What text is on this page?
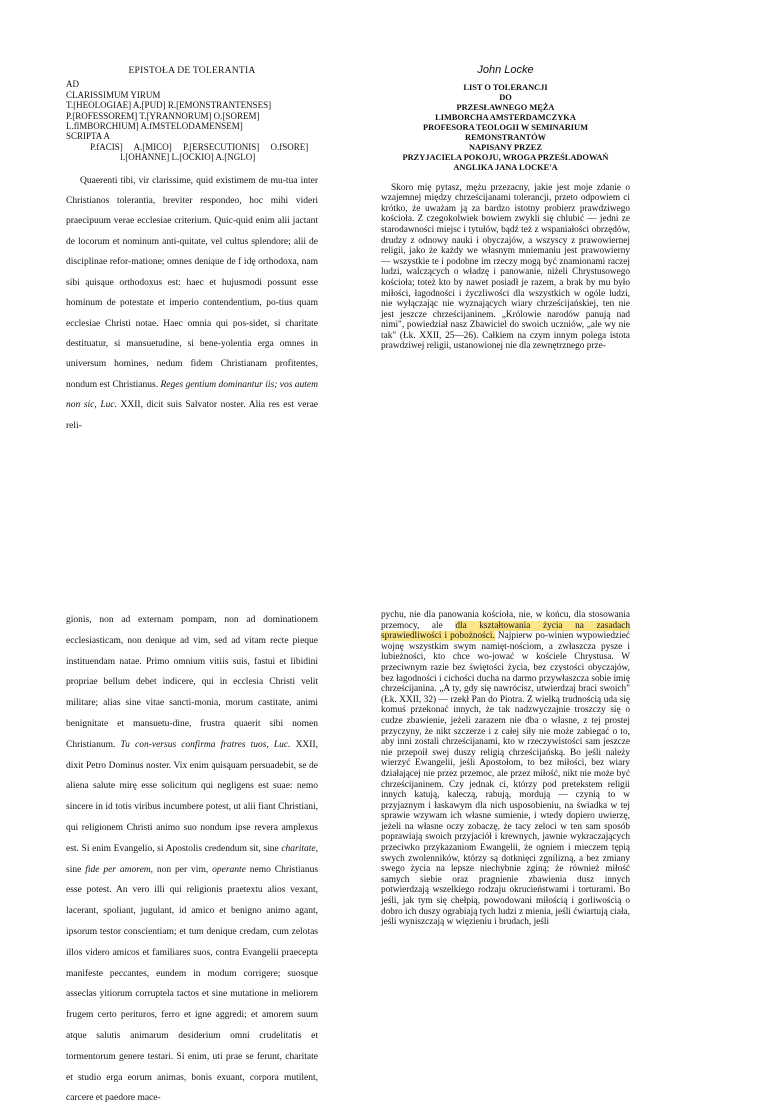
EPISTOŁA DE TOLERANTIA
AD
CLARISSIMUM YIRUM
T.[HEOLOGIAE] A.[PUD] R.[EMONSTRANTENSES]
P.[ROFESSOREM] T.[YRANNORUM] O.[SOREM]
L.flMBORCHIUM] A.fMSTELODAMENSEM]
SCRIPTA A
P.fACIS]     A.[MICO]     P.[ERSECUTIONIS]     O.fSORE]
I.[OHANNE] L.[OCKIO] A.[NGLO]

Quaerenti tibi, vir clarissime, quid existimem de mu-tua inter Christianos tolerantia, breviter respondeo, hoc mihi videri praecipuum verae ecclesiae criterium. Quic-quid enim alii jactant de locorum et nominum anti-quitate, vel cultus splendore; alii de disciplinae refor-matione; omnes deniąue de f idę orthodoxa, nam sibi ąuisąue orthodoxus est: haec et hujusmodi possunt esse hominum de potestate et imperio contendentium, po-tius quam ecclesiae Christi notae. Haec omnia qui pos-sidet, si charitate destituatur, si mansuetudine, si bene-yolentia erga omnes in universum homines, nedum fidem Christianam profitentes, nondum est Christianus. Reges gentium dominantur iis; vos autem non sic, Luc. XXII, dicit suis Salvator noster. Alia res est verae reli-

John Locke
LIST O TOLERANCJI
DO
PRZESŁAWNEGO MĘŻA
LIMBORCHA AMSTERDAMCZYKA
PROFESORA TEOLOGII W SEMINARIUM
REMONSTRANTÓW
NAPISANY PRZEZ
PRZYJACIELA POKOJU, WROGA PRZEŚLADOWAŃ
ANGLIKA JANA LOCKE'A

Skoro mię pytasz, mężu przezacny, jakie jest moje zdanie o wzajemnej między chrześcijanami tolerancji, przeto odpowiem ci krótko, że uważam ją za bardzo istotny probierz prawdziwego kościoła. Z czegokolwiek bowiem zwykli się chlubić — jedni ze starodawności miejsc i tytułów, bądź też z wspaniałości obrzędów, drudzy z odnowy nauki i obyczajów, a wszyscy z prawowiernej religii, jako że każdy we własnym mniemaniu jest prawowierny — wszystkie te i podobne im rzeczy mogą być znamionami raczej ludzi, walczących o władzę i panowanie, niżeli Chrystusowego kościoła; toteż kto by nawet posiadł je razem, a brak by mu było miłości, łagodności i życzliwości dla wszystkich w ogóle ludzi, nie wyłączając nie wyznających wiary chrześcijańskiej, ten nie jest jeszcze chrześcijaninem. „Królowie narodów panują nad nimi", powiedział nasz Zbawiciel do swoich uczniów, „ale wy nie tak" (Łk. XXII, 25—26). Całkiem na czym innym polega istota prawdziwej religii, ustanowionej nie dla zewnętrznego prze-

gionis, non ad externam pompam, non ad dominationem ecclesiasticam, non denique ad vim, sed ad vitam recte pieque instituendam natae. Primo omnium vitiis suis, fastui et libidini propriae bellum debet indicere, qui in ecclesia Christi velit militare; alias sine vitae sancti-monia, morum castitate, animi benignitate et mansuetu-dine, frustra quaerit sibi nomen Christianum. Tu con-versus confirma fratres tuos, Luc. XXII, dixit Petro Dominus noster. Vix enim ąuisąuam persuadebit, se de aliena salute mirę esse solicitum qui negligens est suae: nemo sincere in id totis viribus incumbere potest, ut alii fiant Christiani, qui religionem Christi animo suo nondum ipse revera amplexus est. Si enim Evangelio, si Apostolis credendum sit, sine charitate, sine fide per amorem, non per vim, operante nemo Christianus esse potest. An vero illi qui religionis praetextu alios vexant, lacerant, spoliant, jugulant, id amico et benigno animo agant, ipsorum testor conscientiam; et tum denique credam, cum zelotas illos videro amicos et familiares suos, contra Evangelii praecepta manifeste peccantes, eundem in modum corrigere; suosque asseclas yitiorum corruptela tactos et sine mutatione in meliorem frugem certo perituros, ferro et igne aggredi; et amorem suum atque salutis animarum desiderium omni crudelitatis et tormentorum genere testari. Si enim, uti prae se ferunt, charitate et studio erga eorum animas, bonis exuant, corpora mutilent, carcere et paedore mace-

pychu, nie dla panowania kościoła, nie, w końcu, dla stosowania przemocy, ale dla kształtowania życia na zasadach sprawiedliwości i pobożności. Najpierw po-winien wypowiedzieć wojnę wszystkim swym namięt-nościom, a zwłaszcza pysze i lubieżności, kto chce wo-jować w kościele Chrystusa. W przeciwnym razie bez świętości życia, bez czystości obyczajów, bez łagodności i cichości ducha na darmo przywłaszcza sobie imię chrześcijanina. „A ty, gdy się nawrócisz, utwierdzaj braci swoich" (Łk. XXII, 32) — rzekł Pan do Piotra. Z wielką trudnością uda się komuś przekonać innych, że tak nadzwyczajnie troszczy się o cudze zbawienie, jeżeli zarazem nie dba o własne, z tej prostej przyczyny, że nikt szczerze i z całej siły nie może zabiegać o to, aby inni zostali chrześcijanami, kto w rzeczywistości sam jeszcze nie przepoił swej duszy religią chrześcijańską. Bo jeśli należy wierzyć Ewangelii, jeśli Apostołom, to bez miłości, bez wiary działającej nie przez przemoc, ale przez miłość, nikt nie może być chrześcijaninem. Czy jednak ci, którzy pod pretekstem religii innych katują, kaleczą, rabują, mordują — czynią to w przyjaznym i łaskawym dla nich usposobieniu, na świadka w tej sprawie wzywam ich własne sumienie, i wtedy dopiero uwierzę, jeżeli na własne oczy zobaczę, że tacy zeloci w ten sam sposób poprawiają swoich przyjaciół i krewnych, jawnie wykraczających przeciwko przykazaniom Ewangelii, że ogniem i mieczem tępią swych zwolenników, którzy są dotknięci zgnilizną, a bez zmiany swego życia na lepsze niechybnie zginą; że również miłość samych siebie oraz pragnienie zbawienia dusz innych potwierdzają wszelkiego rodzaju okrucieństwami i torturami. Bo jeśli, jak tym się chełpią, powodowani miłością i gorliwością o dobro ich duszy ograbiają tych ludzi z mienia, jeśli ćwiartują ciała, jeśli wyniszczają w więzieniu i brudach, jeśli
